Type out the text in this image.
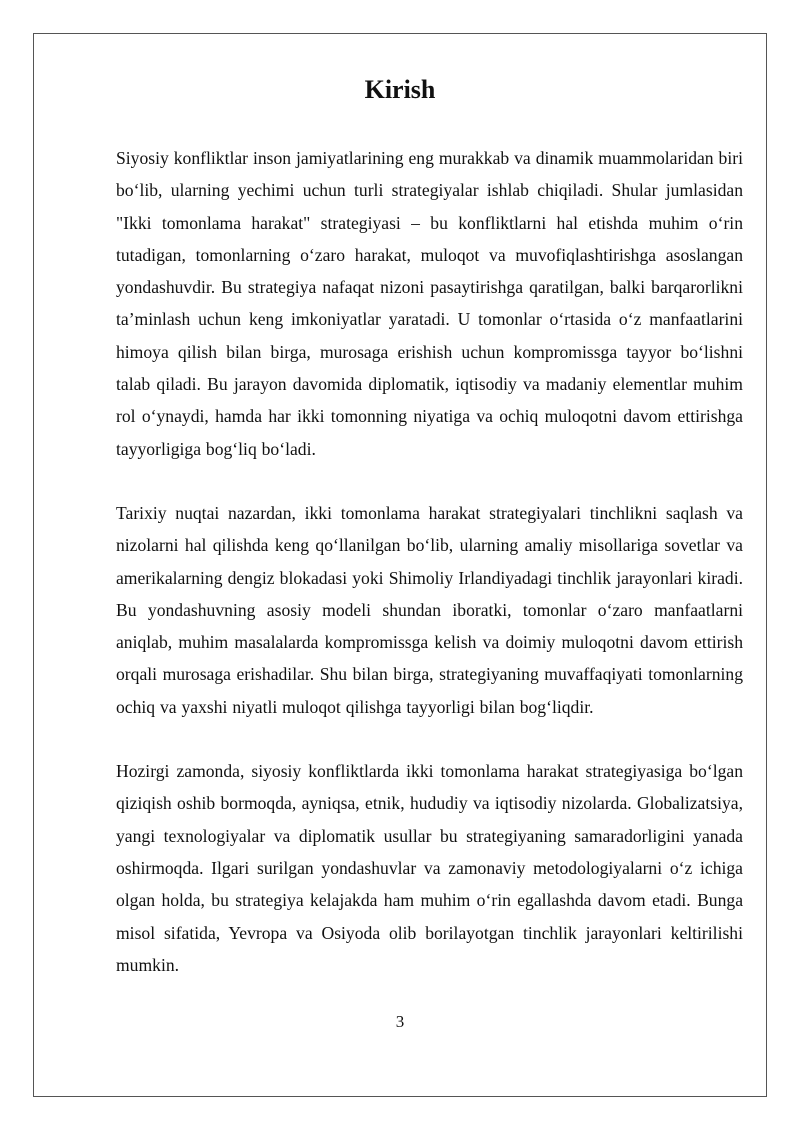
Kirish

Siyosiy konfliktlar inson jamiyatlarining eng murakkab va dinamik muammolaridan biri bo‘lib, ularning yechimi uchun turli strategiyalar ishlab chiqiladi. Shular jumlasidan "Ikki tomonlama harakat" strategiyasi – bu konfliktlarni hal etishda muhim o‘rin tutadigan, tomonlarning o‘zaro harakat, muloqot va muvofiqlashtirishga asoslangan yondashuvdir. Bu strategiya nafaqat nizoni pasaytirishga qaratilgan, balki barqarorlikni ta’minlash uchun keng imkoniyatlar yaratadi. U tomonlar o‘rtasida o‘z manfaatlarini himoya qilish bilan birga, murosaga erishish uchun kompromissga tayyor bo‘lishni talab qiladi. Bu jarayon davomida diplomatik, iqtisodiy va madaniy elementlar muhim rol o‘ynaydi, hamda har ikki tomonning niyatiga va ochiq muloqotni davom ettirishga tayyorligiga bog‘liq bo‘ladi.

Tarixiy nuqtai nazardan, ikki tomonlama harakat strategiyalari tinchlikni saqlash va nizolarni hal qilishda keng qo‘llanilgan bo‘lib, ularning amaliy misollariga sovetlar va amerikalarning dengiz blokadasi yoki Shimoliy Irlandiyadagi tinchlik jarayonlari kiradi. Bu yondashuvning asosiy modeli shundan iboratki, tomonlar o‘zaro manfaatlarni aniqlab, muhim masalalarda kompromissga kelish va doimiy muloqotni davom ettirish orqali murosaga erishadilar. Shu bilan birga, strategiyaning muvaffaqiyati tomonlarning ochiq va yaxshi niyatli muloqot qilishga tayyorligi bilan bog‘liqdir.

Hozirgi zamonda, siyosiy konfliktlarda ikki tomonlama harakat strategiyasiga bo‘lgan qiziqish oshib bormoqda, ayniqsa, etnik, hududiy va iqtisodiy nizolarda. Globalizatsiya, yangi texnologiyalar va diplomatik usullar bu strategiyaning samaradorligini yanada oshirmoqda. Ilgari surilgan yondashuvlar va zamonaviy metodologiyalarni o‘z ichiga olgan holda, bu strategiya kelajakda ham muhim o‘rin egallashda davom etadi. Bunga misol sifatida, Yevropa va Osiyoda olib borilayotgan tinchlik jarayonlari keltirilishi mumkin.

3
